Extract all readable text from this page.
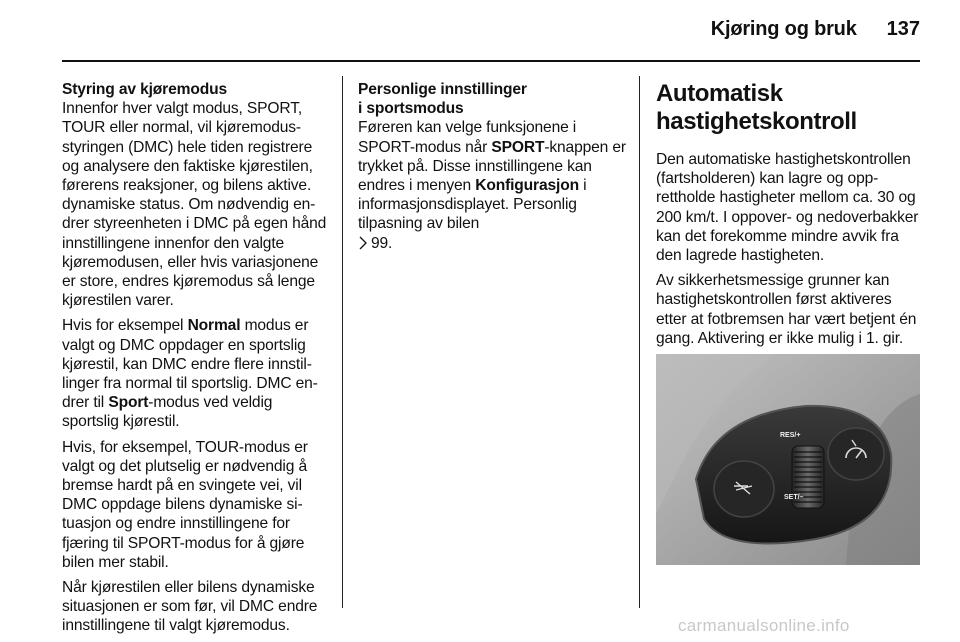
Kjøring og bruk 137
Styring av kjøremodus

Innenfor hver valgt modus, SPORT, TOUR eller normal, vil kjøremodusstyringen (DMC) hele tiden registrere og analysere den faktiske kjørestilen, førerens reaksjoner, og bilens aktive. dynamiske status. Om nødvendig endrer styreenheten i DMC på egen hånd innstillingene innenfor den valgte kjøremodusen, eller hvis variasjonene er store, endres kjøremodus så lenge kjørestilen varer.

Hvis for eksempel Normal modus er valgt og DMC oppdager en sportslig kjørestil, kan DMC endre flere innstillinger fra normal til sportslig. DMC endrer til Sport-modus ved veldig sportslig kjørestil.

Hvis, for eksempel, TOUR-modus er valgt og det plutselig er nødvendig å bremse hardt på en svingete vei, vil DMC oppdage bilens dynamiske situasjon og endre innstillingene for fjæring til SPORT-modus for å gjøre bilen mer stabil.

Når kjørestilen eller bilens dynamiske situasjonen er som før, vil DMC endre innstillingene til valgt kjøremodus.

Personlige innstillinger
i sportsmodus

Føreren kan velge funksjonene i SPORT-modus når SPORT-knappen er trykket på. Disse innstillingene kan endres i menyen Konfigurasjon i informasjonsdisplayet. Personlig tilpasning av bilen
99.

Automatisk
hastighetskontroll

Den automatiske hastighetskontrollen (fartsholderen) kan lagre og opprettholde hastigheter mellom ca. 30 og 200 km/t. I oppover- og nedoverbakker kan det forekomme mindre avvik fra den lagrede hastigheten.

Av sikkerhetsmessige grunner kan hastighetskontrollen først aktiveres etter at fotbremsen har vært betjent én gang. Aktivering er ikke mulig i 1. gir.

RES/+
SET/–
carmanualsonline.info
